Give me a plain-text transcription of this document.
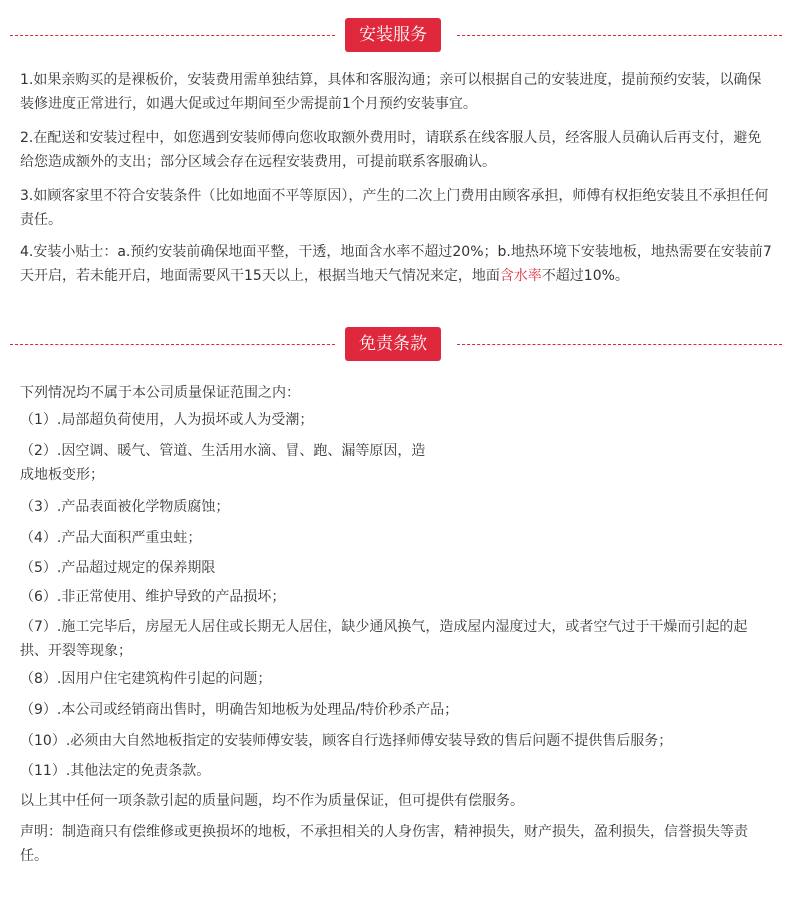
安装服务
1.如果亲购买的是裸板价，安装费用需单独结算，具体和客服沟通；亲可以根据自己的安装进度，提前预约安装，以确保装修进度正常进行，如遇大促或过年期间至少需提前1个月预约安装事宜。
2.在配送和安装过程中，如您遇到安装师傅向您收取额外费用时，请联系在线客服人员，经客服人员确认后再支付，避免给您造成额外的支出；部分区域会存在远程安装费用，可提前联系客服确认。
3.如顾客家里不符合安装条件（比如地面不平等原因），产生的二次上门费用由顾客承担，师傅有权拒绝安装且不承担任何责任。
4.安装小贴士：a.预约安装前确保地面平整，干透，地面含水率不超过20%；b.地热环境下安装地板，地热需要在安装前7天开启，若未能开启，地面需要风干15天以上，根据当地天气情况来定，地面含水率不超过10%。
免责条款
下列情况均不属于本公司质量保证范围之内：
（1）.局部超负荷使用，人为损坏或人为受潮；
（2）.因空调、暖气、管道、生活用水滴、冒、跑、漏等原因，造
成地板变形；
（3）.产品表面被化学物质腐蚀；
（4）.产品大面积严重虫蛀；
（5）.产品超过规定的保养期限
（6）.非正常使用、维护导致的产品损坏；
（7）.施工完毕后，房屋无人居住或长期无人居住，缺少通风换气，造成屋内湿度过大，或者空气过于干燥而引起的起拱、开裂等现象；
（8）.因用户住宅建筑构件引起的问题；
（9）.本公司或经销商出售时，明确告知地板为处理品/特价秒杀产品；
（10）.必须由大自然地板指定的安装师傅安装，顾客自行选择师傅安装导致的售后问题不提供售后服务；
（11）.其他法定的免责条款。
以上其中任何一项条款引起的质量问题，均不作为质量保证，但可提供有偿服务。
声明：制造商只有偿维修或更换损坏的地板，不承担相关的人身伤害，精神损失，财产损失，盈利损失，信誉损失等责任。
